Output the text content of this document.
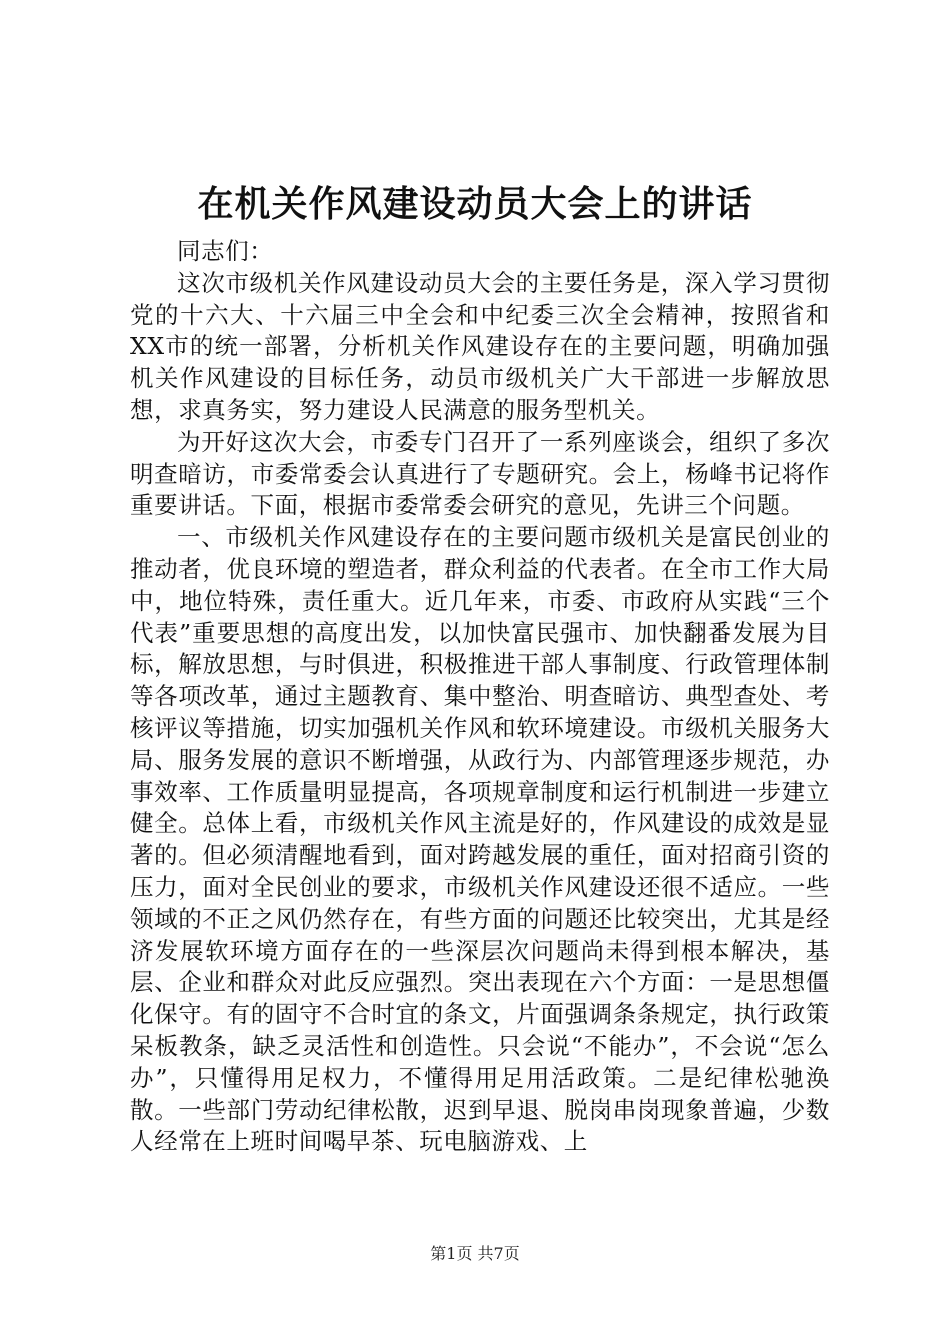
在机关作风建设动员大会上的讲话

同志们：

这次市级机关作风建设动员大会的主要任务是，深入学习贯彻党的十六大、十六届三中全会和中纪委三次全会精神，按照省和XX市的统一部署，分析机关作风建设存在的主要问题，明确加强机关作风建设的目标任务，动员市级机关广大干部进一步解放思想，求真务实，努力建设人民满意的服务型机关。

为开好这次大会，市委专门召开了一系列座谈会，组织了多次明查暗访，市委常委会认真进行了专题研究。会上，杨峰书记将作重要讲话。下面，根据市委常委会研究的意见，先讲三个问题。

一、市级机关作风建设存在的主要问题市级机关是富民创业的推动者，优良环境的塑造者，群众利益的代表者。在全市工作大局中，地位特殊，责任重大。近几年来，市委、市政府从实践“三个代表”重要思想的高度出发，以加快富民强市、加快翻番发展为目标，解放思想，与时俱进，积极推进干部人事制度、行政管理体制等各项改革，通过主题教育、集中整治、明查暗访、典型查处、考核评议等措施，切实加强机关作风和软环境建设。市级机关服务大局、服务发展的意识不断增强，从政行为、内部管理逐步规范，办事效率、工作质量明显提高，各项规章制度和运行机制进一步建立健全。总体上看，市级机关作风主流是好的，作风建设的成效是显著的。但必须清醒地看到，面对跨越发展的重任，面对招商引资的压力，面对全民创业的要求，市级机关作风建设还很不适应。一些领域的不正之风仍然存在，有些方面的问题还比较突出，尤其是经济发展软环境方面存在的一些深层次问题尚未得到根本解决，基层、企业和群众对此反应强烈。突出表现在六个方面：一是思想僵化保守。有的固守不合时宜的条文，片面强调条条规定，执行政策呆板教条，缺乏灵活性和创造性。只会说“不能办”，不会说“怎么办”，只懂得用足权力，不懂得用足用活政策。二是纪律松驰涣散。一些部门劳动纪律松散，迟到早退、脱岗串岗现象普遍，少数人经常在上班时间喝早茶、玩电脑游戏、上

第1页 共7页
